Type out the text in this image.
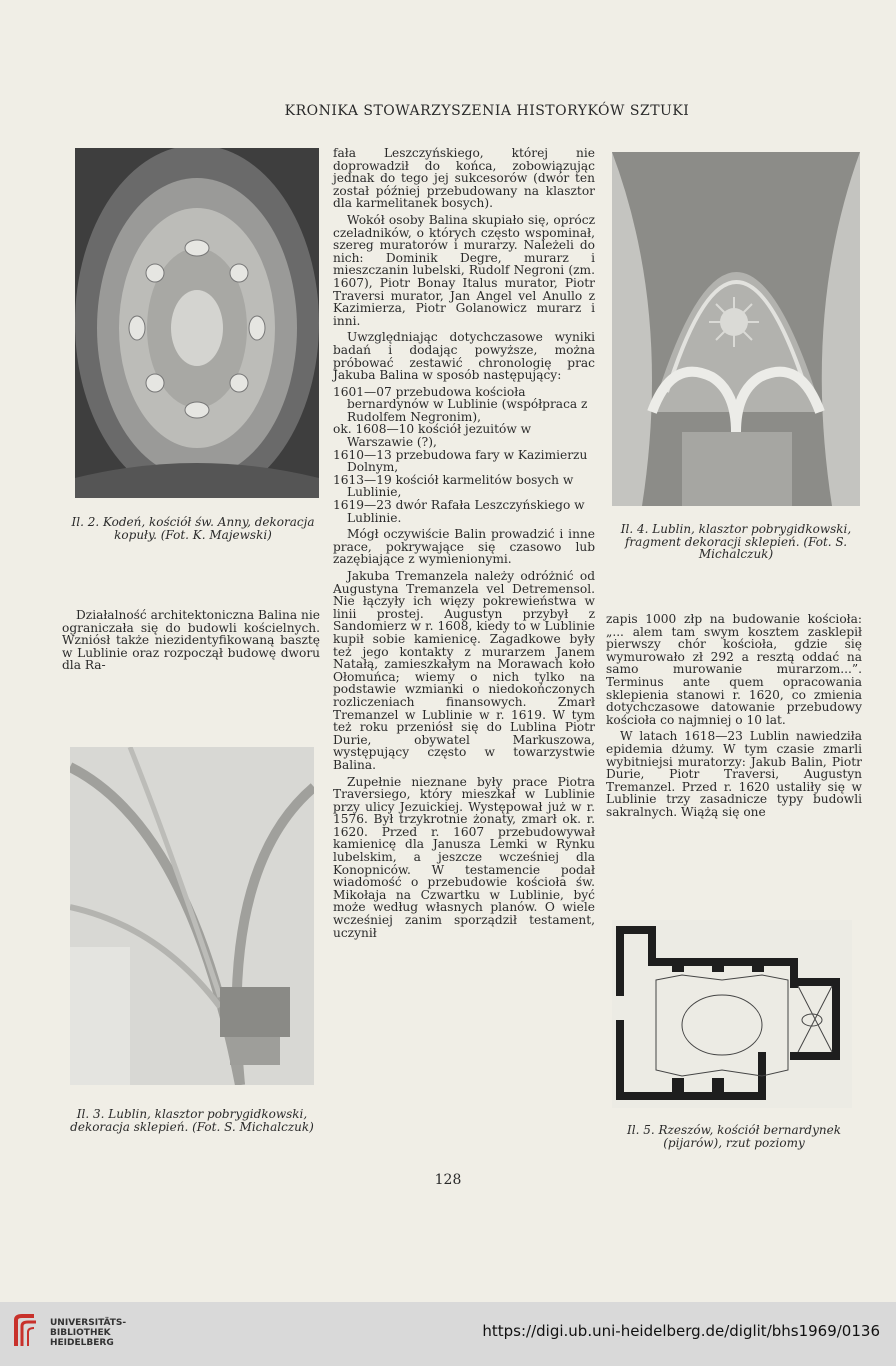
KRONIKA STOWARZYSZENIA HISTORYKÓW SZTUKI
Il. 2. Kodeń, kościół św. Anny, dekoracja kopuły. (Fot. K. Majewski)

Działalność architektoniczna Balina nie ograniczała się do budowli kościelnych. Wzniósł także niezidentyfikowaną basztę w Lublinie oraz rozpoczął budowę dworu dla Ra-

Il. 3. Lublin, klasztor pobrygidkowski, dekoracja sklepień. (Fot. S. Michalczuk)

fała Leszczyńskiego, której nie doprowadził do końca, zobowiązując jednak do tego jej sukcesorów (dwór ten został później przebudowany na klasztor dla karmelitanek bosych).

Wokół osoby Balina skupiało się, oprócz czeladników, o których często wspominał, szereg muratorów i murarzy. Należeli do nich: Dominik Degre, murarz i mieszczanin lubelski, Rudolf Negroni (zm. 1607), Piotr Bonay Italus murator, Piotr Traversi murator, Jan Angel vel Anullo z Kazimierza, Piotr Golanowicz murarz i inni.

Uwzględniając dotychczasowe wyniki badań i dodając powyższe, można próbować zestawić chronologię prac Jakuba Balina w sposób następujący:

1601—07 przebudowa kościoła bernardynów w Lublinie (współpraca z Rudolfem Negronim),
ok. 1608—10 kościół jezuitów w Warszawie (?),
1610—13 przebudowa fary w Kazimierzu Dolnym,
1613—19 kościół karmelitów bosych w Lublinie,
1619—23 dwór Rafała Leszczyńskiego w Lublinie.

Mógł oczywiście Balin prowadzić i inne prace, pokrywające się czasowo lub zazębiające z wymienionymi.

Jakuba Tremanzela należy odróżnić od Augustyna Tremanzela vel Detremensol. Nie łączyły ich więzy pokrewieństwa w linii prostej. Augustyn przybył z Sandomierz w r. 1608, kiedy to w Lublinie kupił sobie kamienicę. Zagadkowe były też jego kontakty z murarzem Janem Natałą, zamieszkałym na Morawach koło Ołomuńca; wiemy o nich tylko na podstawie wzmianki o niedokończonych rozliczeniach finansowych. Zmarł Tremanzel w Lublinie w r. 1619. W tym też roku przeniósł się do Lublina Piotr Durie, obywatel Markuszowa, występujący często w towarzystwie Balina.

Zupełnie nieznane były prace Piotra Traversiego, który mieszkał w Lublinie przy ulicy Jezuickiej. Występował już w r. 1576. Był trzykrotnie żonaty, zmarł ok. r. 1620. Przed r. 1607 przebudowywał kamienicę dla Janusza Lemki w Rynku lubelskim, a jeszcze wcześniej dla Konopniców. W testamencie podał wiadomość o przebudowie kościoła św. Mikołaja na Czwartku w Lublinie, być może według własnych planów. O wiele wcześniej zanim sporządził testament, uczynił

Il. 4. Lublin, klasztor pobrygidkowski, fragment dekoracji sklepień. (Fot. S. Michalczuk)

zapis 1000 złp na budowanie kościoła: „... alem tam swym kosztem zasklepił pierwszy chór kościoła, gdzie się wymurowało zł 292 a resztą oddać na samo murowanie murarzom...”. Terminus ante quem opracowania sklepienia stanowi r. 1620, co zmienia dotychczasowe datowanie przebudowy kościoła co najmniej o 10 lat.

W latach 1618—23 Lublin nawiedziła epidemia dżumy. W tym czasie zmarli wybitniejsi muratorzy: Jakub Balin, Piotr Durie, Piotr Traversi, Augustyn Tremanzel. Przed r. 1620 ustaliły się w Lublinie trzy zasadnicze typy budowli sakralnych. Wiążą się one

Il. 5. Rzeszów, kościół bernardynek (pijarów), rzut poziomy
128
UNIVERSITÄTS-
BIBLIOTHEK
HEIDELBERG
https://digi.ub.uni-heidelberg.de/diglit/bhs1969/0136
